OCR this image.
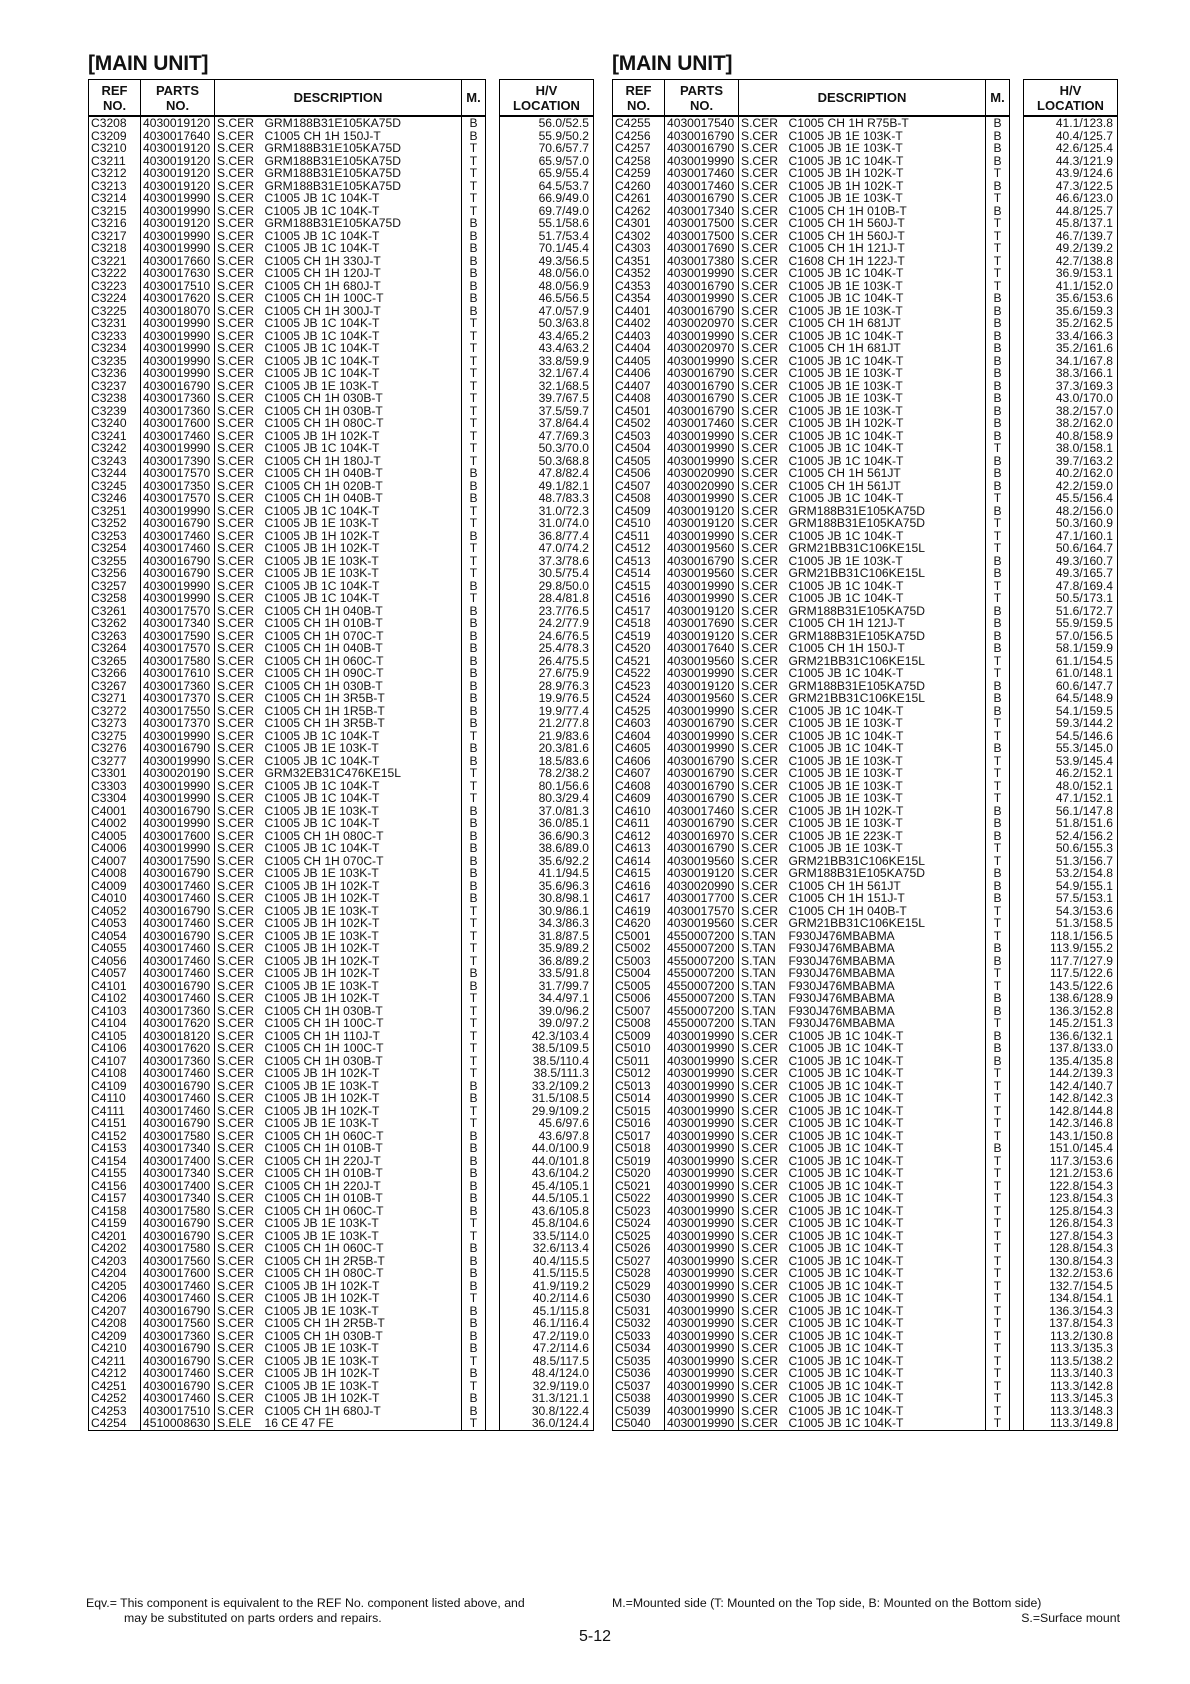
[MAIN UNIT]
REF
NO.	PARTS
NO.	DESCRIPTION		M.		H/V
LOCATION
C3208	4030019120	S.CER	GRM188B31E105KA75D	B		56.0/52.5
C3209	4030017640	S.CER	C1005 CH 1H 150J-T	B		55.9/50.2
C3210	4030019120	S.CER	GRM188B31E105KA75D	T		70.6/57.7
C3211	4030019120	S.CER	GRM188B31E105KA75D	T		65.9/57.0
C3212	4030019120	S.CER	GRM188B31E105KA75D	T		65.9/55.4
C3213	4030019120	S.CER	GRM188B31E105KA75D	T		64.5/53.7
C3214	4030019990	S.CER	C1005 JB 1C 104K-T	T		66.9/49.0
C3215	4030019990	S.CER	C1005 JB 1C 104K-T	T		69.7/49.0
C3216	4030019120	S.CER	GRM188B31E105KA75D	B		55.1/58.6
C3217	4030019990	S.CER	C1005 JB 1C 104K-T	B		51.7/53.4
C3218	4030019990	S.CER	C1005 JB 1C 104K-T	B		70.1/45.4
C3221	4030017660	S.CER	C1005 CH 1H 330J-T	B		49.3/56.5
C3222	4030017630	S.CER	C1005 CH 1H 120J-T	B		48.0/56.0
C3223	4030017510	S.CER	C1005 CH 1H 680J-T	B		48.0/56.9
C3224	4030017620	S.CER	C1005 CH 1H 100C-T	B		46.5/56.5
C3225	4030018070	S.CER	C1005 CH 1H 300J-T	B		47.0/57.9
C3231	4030019990	S.CER	C1005 JB 1C 104K-T	T		50.3/63.8
C3233	4030019990	S.CER	C1005 JB 1C 104K-T	T		43.4/65.2
C3234	4030019990	S.CER	C1005 JB 1C 104K-T	T		43.4/63.2
C3235	4030019990	S.CER	C1005 JB 1C 104K-T	T		33.8/59.9
C3236	4030019990	S.CER	C1005 JB 1C 104K-T	T		32.1/67.4
C3237	4030016790	S.CER	C1005 JB 1E 103K-T	T		32.1/68.5
C3238	4030017360	S.CER	C1005 CH 1H 030B-T	T		39.7/67.5
C3239	4030017360	S.CER	C1005 CH 1H 030B-T	T		37.5/59.7
C3240	4030017600	S.CER	C1005 CH 1H 080C-T	T		37.8/64.4
C3241	4030017460	S.CER	C1005 JB 1H 102K-T	T		47.7/69.3
C3242	4030019990	S.CER	C1005 JB 1C 104K-T	T		50.3/70.0
C3243	4030017390	S.CER	C1005 CH 1H 180J-T	T		50.3/68.8
C3244	4030017570	S.CER	C1005 CH 1H 040B-T	B		47.8/82.4
C3245	4030017350	S.CER	C1005 CH 1H 020B-T	B		49.1/82.1
C3246	4030017570	S.CER	C1005 CH 1H 040B-T	B		48.7/83.3
C3251	4030019990	S.CER	C1005 JB 1C 104K-T	T		31.0/72.3
C3252	4030016790	S.CER	C1005 JB 1E 103K-T	T		31.0/74.0
C3253	4030017460	S.CER	C1005 JB 1H 102K-T	B		36.8/77.4
C3254	4030017460	S.CER	C1005 JB 1H 102K-T	T		47.0/74.2
C3255	4030016790	S.CER	C1005 JB 1E 103K-T	T		37.3/78.6
C3256	4030016790	S.CER	C1005 JB 1E 103K-T	T		30.5/75.4
C3257	4030019990	S.CER	C1005 JB 1C 104K-T	B		29.8/50.0
C3258	4030019990	S.CER	C1005 JB 1C 104K-T	T		28.4/81.8
C3261	4030017570	S.CER	C1005 CH 1H 040B-T	B		23.7/76.5
C3262	4030017340	S.CER	C1005 CH 1H 010B-T	B		24.2/77.9
C3263	4030017590	S.CER	C1005 CH 1H 070C-T	B		24.6/76.5
C3264	4030017570	S.CER	C1005 CH 1H 040B-T	B		25.4/78.3
C3265	4030017580	S.CER	C1005 CH 1H 060C-T	B		26.4/75.5
C3266	4030017610	S.CER	C1005 CH 1H 090C-T	B		27.6/75.9
C3267	4030017360	S.CER	C1005 CH 1H 030B-T	B		28.9/76.3
C3271	4030017370	S.CER	C1005 CH 1H 3R5B-T	B		19.9/76.5
C3272	4030017550	S.CER	C1005 CH 1H 1R5B-T	B		19.9/77.4
C3273	4030017370	S.CER	C1005 CH 1H 3R5B-T	B		21.2/77.8
C3275	4030019990	S.CER	C1005 JB 1C 104K-T	T		21.9/83.6
C3276	4030016790	S.CER	C1005 JB 1E 103K-T	B		20.3/81.6
C3277	4030019990	S.CER	C1005 JB 1C 104K-T	B		18.5/83.6
C3301	4030020190	S.CER	GRM32EB31C476KE15L	T		78.2/38.2
C3303	4030019990	S.CER	C1005 JB 1C 104K-T	T		80.1/56.6
C3304	4030019990	S.CER	C1005 JB 1C 104K-T	T		80.3/29.4
C4001	4030016790	S.CER	C1005 JB 1E 103K-T	B		37.0/81.3
C4002	4030019990	S.CER	C1005 JB 1C 104K-T	B		36.0/85.1
C4005	4030017600	S.CER	C1005 CH 1H 080C-T	B		36.6/90.3
C4006	4030019990	S.CER	C1005 JB 1C 104K-T	B		38.6/89.0
C4007	4030017590	S.CER	C1005 CH 1H 070C-T	B		35.6/92.2
C4008	4030016790	S.CER	C1005 JB 1E 103K-T	B		41.1/94.5
C4009	4030017460	S.CER	C1005 JB 1H 102K-T	B		35.6/96.3
C4010	4030017460	S.CER	C1005 JB 1H 102K-T	B		30.8/98.1
C4052	4030016790	S.CER	C1005 JB 1E 103K-T	T		30.9/86.1
C4053	4030017460	S.CER	C1005 JB 1H 102K-T	T		34.3/86.3
C4054	4030016790	S.CER	C1005 JB 1E 103K-T	T		31.8/87.5
C4055	4030017460	S.CER	C1005 JB 1H 102K-T	T		35.9/89.2
C4056	4030017460	S.CER	C1005 JB 1H 102K-T	T		36.8/89.2
C4057	4030017460	S.CER	C1005 JB 1H 102K-T	B		33.5/91.8
C4101	4030016790	S.CER	C1005 JB 1E 103K-T	B		31.7/99.7
C4102	4030017460	S.CER	C1005 JB 1H 102K-T	T		34.4/97.1
C4103	4030017360	S.CER	C1005 CH 1H 030B-T	T		39.0/96.2
C4104	4030017620	S.CER	C1005 CH 1H 100C-T	T		39.0/97.2
C4105	4030018120	S.CER	C1005 CH 1H 110J-T	T		42.3/103.4
C4106	4030017620	S.CER	C1005 CH 1H 100C-T	T		38.5/109.5
C4107	4030017360	S.CER	C1005 CH 1H 030B-T	T		38.5/110.4
C4108	4030017460	S.CER	C1005 JB 1H 102K-T	T		38.5/111.3
C4109	4030016790	S.CER	C1005 JB 1E 103K-T	B		33.2/109.2
C4110	4030017460	S.CER	C1005 JB 1H 102K-T	B		31.5/108.5
C4111	4030017460	S.CER	C1005 JB 1H 102K-T	T		29.9/109.2
C4151	4030016790	S.CER	C1005 JB 1E 103K-T	T		45.6/97.6
C4152	4030017580	S.CER	C1005 CH 1H 060C-T	B		43.6/97.8
C4153	4030017340	S.CER	C1005 CH 1H 010B-T	B		44.0/100.9
C4154	4030017400	S.CER	C1005 CH 1H 220J-T	B		44.0/101.8
C4155	4030017340	S.CER	C1005 CH 1H 010B-T	B		43.6/104.2
C4156	4030017400	S.CER	C1005 CH 1H 220J-T	B		45.4/105.1
C4157	4030017340	S.CER	C1005 CH 1H 010B-T	B		44.5/105.1
C4158	4030017580	S.CER	C1005 CH 1H 060C-T	B		43.6/105.8
C4159	4030016790	S.CER	C1005 JB 1E 103K-T	T		45.8/104.6
C4201	4030016790	S.CER	C1005 JB 1E 103K-T	T		33.5/114.0
C4202	4030017580	S.CER	C1005 CH 1H 060C-T	B		32.6/113.4
C4203	4030017560	S.CER	C1005 CH 1H 2R5B-T	B		40.4/115.5
C4204	4030017600	S.CER	C1005 CH 1H 080C-T	B		41.5/115.5
C4205	4030017460	S.CER	C1005 JB 1H 102K-T	B		41.9/119.2
C4206	4030017460	S.CER	C1005 JB 1H 102K-T	T		40.2/114.6
C4207	4030016790	S.CER	C1005 JB 1E 103K-T	B		45.1/115.8
C4208	4030017560	S.CER	C1005 CH 1H 2R5B-T	B		46.1/116.4
C4209	4030017360	S.CER	C1005 CH 1H 030B-T	B		47.2/119.0
C4210	4030016790	S.CER	C1005 JB 1E 103K-T	B		47.2/114.6
C4211	4030016790	S.CER	C1005 JB 1E 103K-T	T		48.5/117.5
C4212	4030017460	S.CER	C1005 JB 1H 102K-T	B		48.4/124.0
C4251	4030016790	S.CER	C1005 JB 1E 103K-T	T		32.9/119.0
C4252	4030017460	S.CER	C1005 JB 1H 102K-T	B		31.3/121.1
C4253	4030017510	S.CER	C1005 CH 1H 680J-T	B		30.8/122.4
C4254	4510008630	S.ELE	16 CE 47 FE	T		36.0/124.4
[MAIN UNIT]
REF
NO.	PARTS
NO.	DESCRIPTION		M.		H/V
LOCATION
C4255	4030017540	S.CER	C1005 CH 1H R75B-T	B		41.1/123.8
C4256	4030016790	S.CER	C1005 JB 1E 103K-T	B		40.4/125.7
C4257	4030016790	S.CER	C1005 JB 1E 103K-T	B		42.6/125.4
C4258	4030019990	S.CER	C1005 JB 1C 104K-T	B		44.3/121.9
C4259	4030017460	S.CER	C1005 JB 1H 102K-T	T		43.9/124.6
C4260	4030017460	S.CER	C1005 JB 1H 102K-T	B		47.3/122.5
C4261	4030016790	S.CER	C1005 JB 1E 103K-T	T		46.6/123.0
C4262	4030017340	S.CER	C1005 CH 1H 010B-T	B		44.8/125.7
C4301	4030017500	S.CER	C1005 CH 1H 560J-T	T		45.8/137.1
C4302	4030017500	S.CER	C1005 CH 1H 560J-T	T		46.7/139.7
C4303	4030017690	S.CER	C1005 CH 1H 121J-T	T		49.2/139.2
C4351	4030017380	S.CER	C1608 CH 1H 122J-T	T		42.7/138.8
C4352	4030019990	S.CER	C1005 JB 1C 104K-T	T		36.9/153.1
C4353	4030016790	S.CER	C1005 JB 1E 103K-T	T		41.1/152.0
C4354	4030019990	S.CER	C1005 JB 1C 104K-T	B		35.6/153.6
C4401	4030016790	S.CER	C1005 JB 1E 103K-T	B		35.6/159.3
C4402	4030020970	S.CER	C1005 CH 1H 681JT	B		35.2/162.5
C4403	4030019990	S.CER	C1005 JB 1C 104K-T	B		33.4/166.3
C4404	4030020970	S.CER	C1005 CH 1H 681JT	B		35.2/161.6
C4405	4030019990	S.CER	C1005 JB 1C 104K-T	B		34.1/167.8
C4406	4030016790	S.CER	C1005 JB 1E 103K-T	B		38.3/166.1
C4407	4030016790	S.CER	C1005 JB 1E 103K-T	B		37.3/169.3
C4408	4030016790	S.CER	C1005 JB 1E 103K-T	B		43.0/170.0
C4501	4030016790	S.CER	C1005 JB 1E 103K-T	B		38.2/157.0
C4502	4030017460	S.CER	C1005 JB 1H 102K-T	B		38.2/162.0
C4503	4030019990	S.CER	C1005 JB 1C 104K-T	B		40.8/158.9
C4504	4030019990	S.CER	C1005 JB 1C 104K-T	T		38.0/158.1
C4505	4030019990	S.CER	C1005 JB 1C 104K-T	B		39.7/163.2
C4506	4030020990	S.CER	C1005 CH 1H 561JT	B		40.2/162.0
C4507	4030020990	S.CER	C1005 CH 1H 561JT	B		42.2/159.0
C4508	4030019990	S.CER	C1005 JB 1C 104K-T	T		45.5/156.4
C4509	4030019120	S.CER	GRM188B31E105KA75D	B		48.2/156.0
C4510	4030019120	S.CER	GRM188B31E105KA75D	T		50.3/160.9
C4511	4030019990	S.CER	C1005 JB 1C 104K-T	T		47.1/160.1
C4512	4030019560	S.CER	GRM21BB31C106KE15L	T		50.6/164.7
C4513	4030016790	S.CER	C1005 JB 1E 103K-T	B		49.3/160.7
C4514	4030019560	S.CER	GRM21BB31C106KE15L	B		49.3/165.7
C4515	4030019990	S.CER	C1005 JB 1C 104K-T	T		47.8/169.4
C4516	4030019990	S.CER	C1005 JB 1C 104K-T	T		50.5/173.1
C4517	4030019120	S.CER	GRM188B31E105KA75D	B		51.6/172.7
C4518	4030017690	S.CER	C1005 CH 1H 121J-T	B		55.9/159.5
C4519	4030019120	S.CER	GRM188B31E105KA75D	B		57.0/156.5
C4520	4030017640	S.CER	C1005 CH 1H 150J-T	B		58.1/159.9
C4521	4030019560	S.CER	GRM21BB31C106KE15L	T		61.1/154.5
C4522	4030019990	S.CER	C1005 JB 1C 104K-T	T		61.0/148.1
C4523	4030019120	S.CER	GRM188B31E105KA75D	B		60.6/147.7
C4524	4030019560	S.CER	GRM21BB31C106KE15L	B		64.5/148.9
C4525	4030019990	S.CER	C1005 JB 1C 104K-T	B		54.1/159.5
C4603	4030016790	S.CER	C1005 JB 1E 103K-T	T		59.3/144.2
C4604	4030019990	S.CER	C1005 JB 1C 104K-T	T		54.5/146.6
C4605	4030019990	S.CER	C1005 JB 1C 104K-T	B		55.3/145.0
C4606	4030016790	S.CER	C1005 JB 1E 103K-T	T		53.9/145.4
C4607	4030016790	S.CER	C1005 JB 1E 103K-T	T		46.2/152.1
C4608	4030016790	S.CER	C1005 JB 1E 103K-T	T		48.0/152.1
C4609	4030016790	S.CER	C1005 JB 1E 103K-T	T		47.1/152.1
C4610	4030017460	S.CER	C1005 JB 1H 102K-T	B		56.1/147.8
C4611	4030016790	S.CER	C1005 JB 1E 103K-T	B		51.8/151.6
C4612	4030016970	S.CER	C1005 JB 1E 223K-T	B		52.4/156.2
C4613	4030016790	S.CER	C1005 JB 1E 103K-T	T		50.6/155.3
C4614	4030019560	S.CER	GRM21BB31C106KE15L	T		51.3/156.7
C4615	4030019120	S.CER	GRM188B31E105KA75D	B		53.2/154.8
C4616	4030020990	S.CER	C1005 CH 1H 561JT	B		54.9/155.1
C4617	4030017700	S.CER	C1005 CH 1H 151J-T	B		57.5/153.1
C4619	4030017570	S.CER	C1005 CH 1H 040B-T	T		54.3/153.6
C4620	4030019560	S.CER	GRM21BB31C106KE15L	T		51.3/158.5
C5001	4550007200	S.TAN	F930J476MBABMA	T		118.1/156.5
C5002	4550007200	S.TAN	F930J476MBABMA	B		113.9/155.2
C5003	4550007200	S.TAN	F930J476MBABMA	B		117.7/127.9
C5004	4550007200	S.TAN	F930J476MBABMA	T		117.5/122.6
C5005	4550007200	S.TAN	F930J476MBABMA	T		143.5/122.6
C5006	4550007200	S.TAN	F930J476MBABMA	B		138.6/128.9
C5007	4550007200	S.TAN	F930J476MBABMA	B		136.3/152.8
C5008	4550007200	S.TAN	F930J476MBABMA	T		145.2/151.3
C5009	4030019990	S.CER	C1005 JB 1C 104K-T	B		136.6/132.1
C5010	4030019990	S.CER	C1005 JB 1C 104K-T	B		137.8/133.0
C5011	4030019990	S.CER	C1005 JB 1C 104K-T	B		135.4/135.8
C5012	4030019990	S.CER	C1005 JB 1C 104K-T	T		144.2/139.3
C5013	4030019990	S.CER	C1005 JB 1C 104K-T	T		142.4/140.7
C5014	4030019990	S.CER	C1005 JB 1C 104K-T	T		142.8/142.3
C5015	4030019990	S.CER	C1005 JB 1C 104K-T	T		142.8/144.8
C5016	4030019990	S.CER	C1005 JB 1C 104K-T	T		142.3/146.8
C5017	4030019990	S.CER	C1005 JB 1C 104K-T	T		143.1/150.8
C5018	4030019990	S.CER	C1005 JB 1C 104K-T	B		151.0/145.4
C5019	4030019990	S.CER	C1005 JB 1C 104K-T	T		117.3/153.6
C5020	4030019990	S.CER	C1005 JB 1C 104K-T	T		121.2/153.6
C5021	4030019990	S.CER	C1005 JB 1C 104K-T	T		122.8/154.3
C5022	4030019990	S.CER	C1005 JB 1C 104K-T	T		123.8/154.3
C5023	4030019990	S.CER	C1005 JB 1C 104K-T	T		125.8/154.3
C5024	4030019990	S.CER	C1005 JB 1C 104K-T	T		126.8/154.3
C5025	4030019990	S.CER	C1005 JB 1C 104K-T	T		127.8/154.3
C5026	4030019990	S.CER	C1005 JB 1C 104K-T	T		128.8/154.3
C5027	4030019990	S.CER	C1005 JB 1C 104K-T	T		130.8/154.3
C5028	4030019990	S.CER	C1005 JB 1C 104K-T	T		132.2/153.6
C5029	4030019990	S.CER	C1005 JB 1C 104K-T	T		132.7/154.5
C5030	4030019990	S.CER	C1005 JB 1C 104K-T	T		134.8/154.1
C5031	4030019990	S.CER	C1005 JB 1C 104K-T	T		136.3/154.3
C5032	4030019990	S.CER	C1005 JB 1C 104K-T	T		137.8/154.3
C5033	4030019990	S.CER	C1005 JB 1C 104K-T	T		113.2/130.8
C5034	4030019990	S.CER	C1005 JB 1C 104K-T	T		113.3/135.3
C5035	4030019990	S.CER	C1005 JB 1C 104K-T	T		113.5/138.2
C5036	4030019990	S.CER	C1005 JB 1C 104K-T	T		113.3/140.3
C5037	4030019990	S.CER	C1005 JB 1C 104K-T	T		113.3/142.8
C5038	4030019990	S.CER	C1005 JB 1C 104K-T	T		113.3/145.3
C5039	4030019990	S.CER	C1005 JB 1C 104K-T	T		113.3/148.3
C5040	4030019990	S.CER	C1005 JB 1C 104K-T	T		113.3/149.8
Eqv.= This component is equivalent to the REF No. component listed above, and
may be substituted on parts orders and repairs.
M.=Mounted side (T: Mounted on the Top side, B: Mounted on the Bottom side)
S.=Surface mount
5-12
